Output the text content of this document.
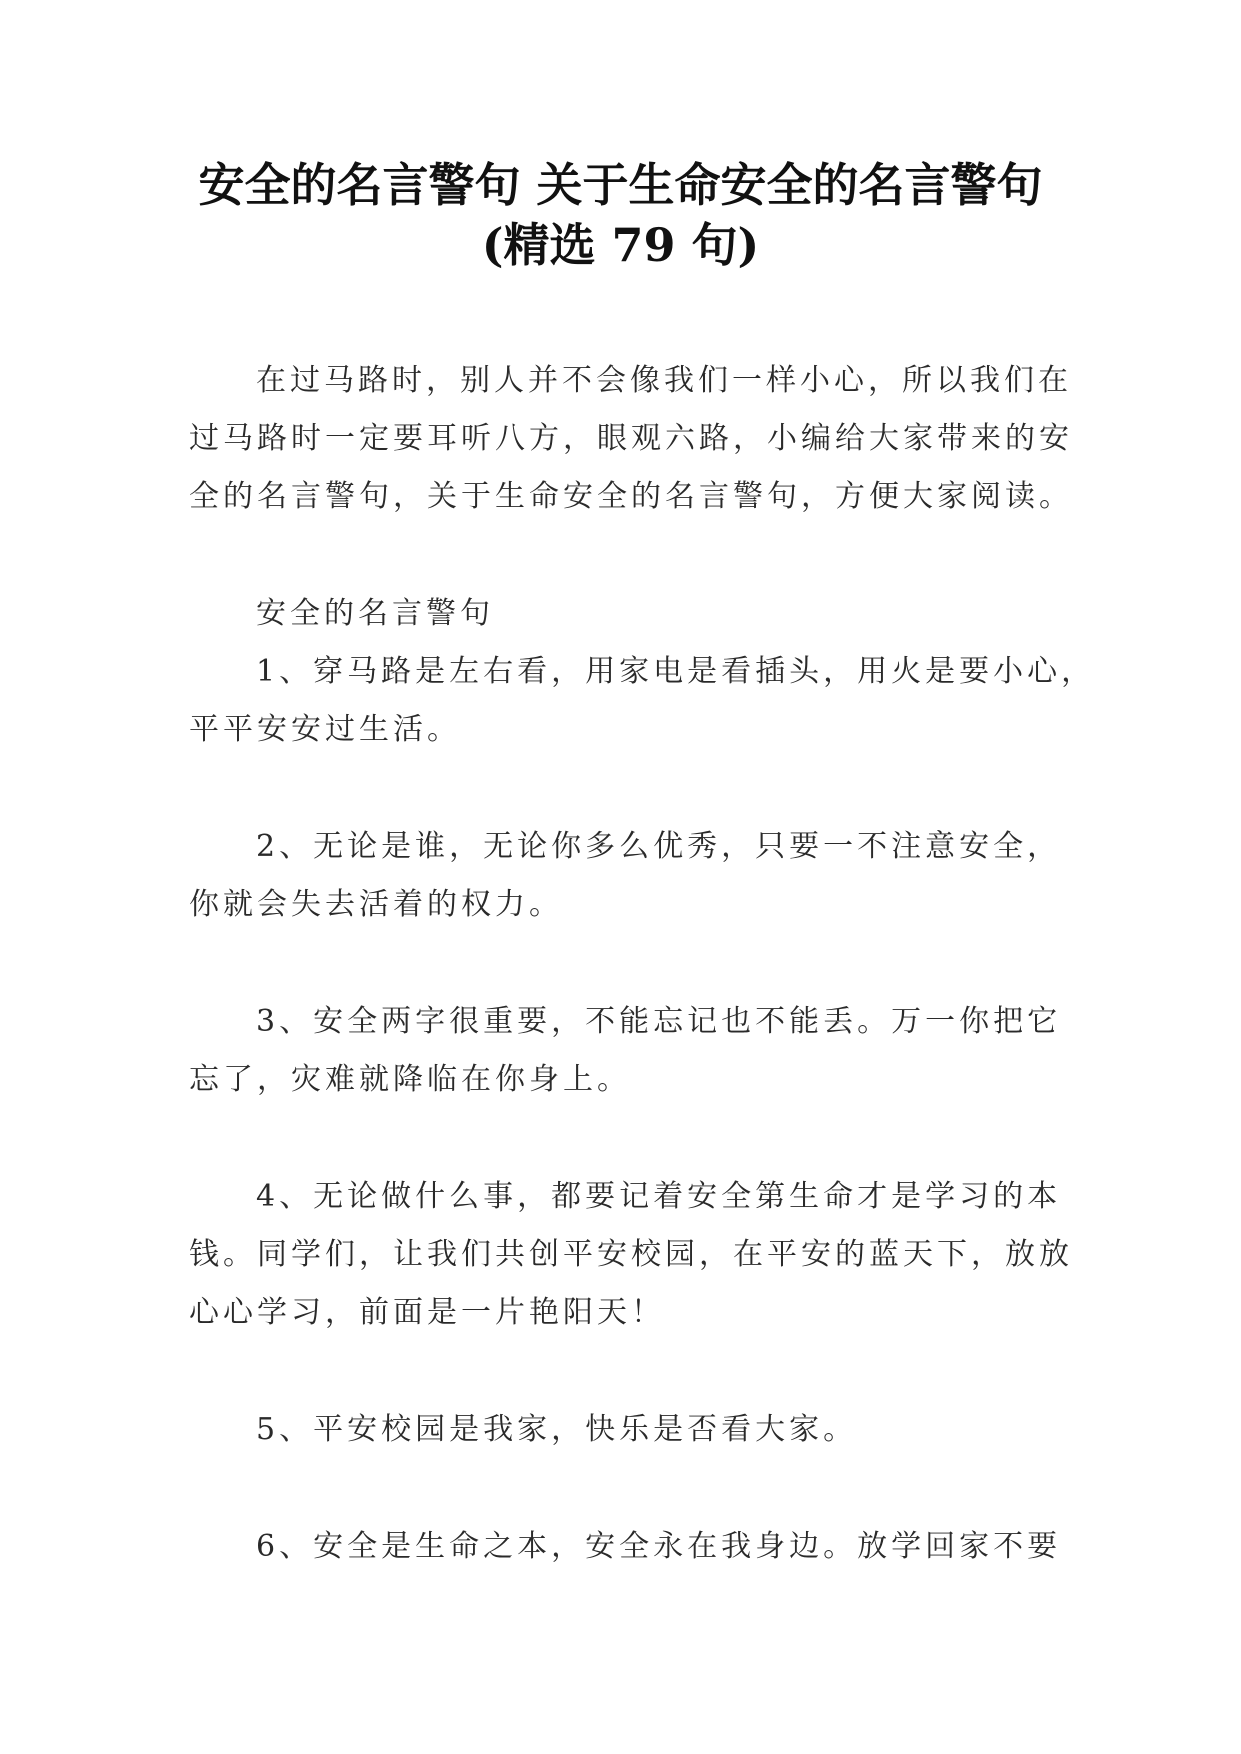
安全的名言警句 关于生命安全的名言警句
(精选 79 句)
在过马路时，别人并不会像我们一样小心，所以我们在
过马路时一定要耳听八方，眼观六路，小编给大家带来的安
全的名言警句，关于生命安全的名言警句，方便大家阅读。
安全的名言警句
1、穿马路是左右看，用家电是看插头，用火是要小心，
平平安安过生活。
2、无论是谁，无论你多么优秀，只要一不注意安全，
你就会失去活着的权力。
3、安全两字很重要，不能忘记也不能丢。万一你把它
忘了，灾难就降临在你身上。
4、无论做什么事，都要记着安全第生命才是学习的本
钱。同学们，让我们共创平安校园，在平安的蓝天下，放放
心心学习，前面是一片艳阳天！
5、平安校园是我家，快乐是否看大家。
6、安全是生命之本，安全永在我身边。放学回家不要
